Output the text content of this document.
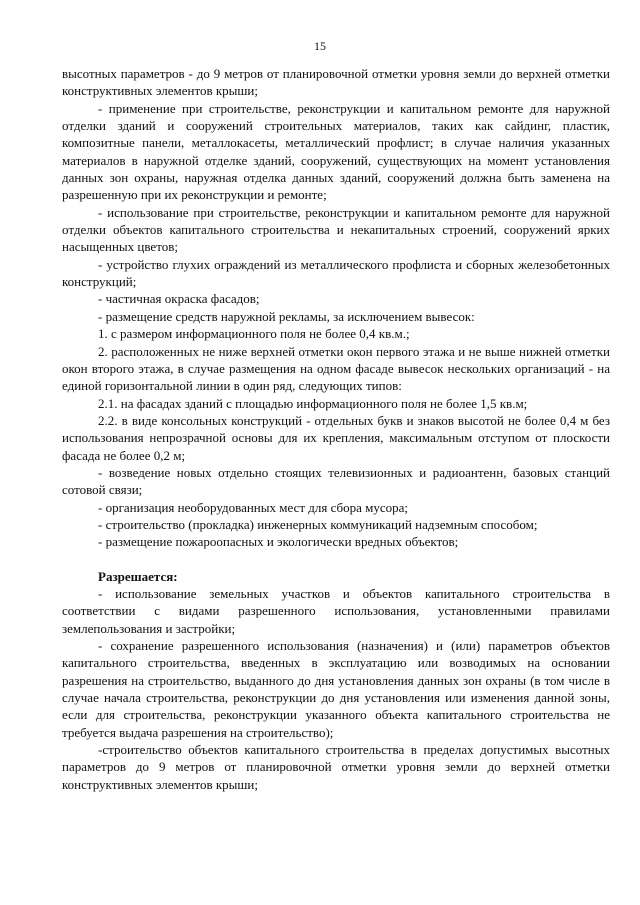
15

высотных параметров - до 9 метров от планировочной отметки уровня земли до верхней отметки конструктивных элементов крыши;

- применение при строительстве, реконструкции и капитальном ремонте для наружной отделки зданий и сооружений строительных материалов, таких как сайдинг, пластик, композитные панели, металлокасеты, металлический профлист; в случае наличия указанных материалов в наружной отделке зданий, сооружений, существующих на момент установления данных зон охраны, наружная отделка данных зданий, сооружений должна быть заменена на разрешенную при их реконструкции и ремонте;

- использование при строительстве, реконструкции и капитальном ремонте для наружной отделки объектов капитального строительства и некапитальных строений, сооружений ярких насыщенных цветов;

- устройство глухих ограждений из металлического профлиста и сборных железобетонных конструкций;

- частичная окраска фасадов;

- размещение средств наружной рекламы, за исключением вывесок:

1. с размером информационного поля не более 0,4 кв.м.;

2. расположенных не ниже верхней отметки окон первого этажа и не выше нижней отметки окон второго этажа, в случае размещения на одном фасаде вывесок нескольких организаций - на единой горизонтальной линии в один ряд, следующих типов:

2.1. на фасадах зданий с площадью информационного поля не более 1,5 кв.м;

2.2. в виде консольных конструкций - отдельных букв и знаков высотой не более 0,4 м без использования непрозрачной основы для их крепления, максимальным отступом от плоскости фасада не более 0,2 м;

- возведение новых отдельно стоящих телевизионных и радиоантенн, базовых станций сотовой связи;

- организация необорудованных мест для сбора мусора;

- строительство (прокладка) инженерных коммуникаций надземным способом;

- размещение пожароопасных и экологически вредных объектов;

Разрешается:

- использование земельных участков и объектов капитального строительства в соответствии с видами разрешенного использования, установленными правилами землепользования и застройки;

- сохранение разрешенного использования (назначения) и (или) параметров объектов капитального строительства, введенных в эксплуатацию или возводимых на основании разрешения на строительство, выданного до дня установления данных зон охраны (в том числе в случае начала строительства, реконструкции до дня установления или изменения данной зоны, если для строительства, реконструкции указанного объекта капитального строительства не требуется выдача разрешения на строительство);

-строительство объектов капитального строительства в пределах допустимых высотных параметров до 9 метров от планировочной отметки уровня земли до верхней отметки конструктивных элементов крыши;
